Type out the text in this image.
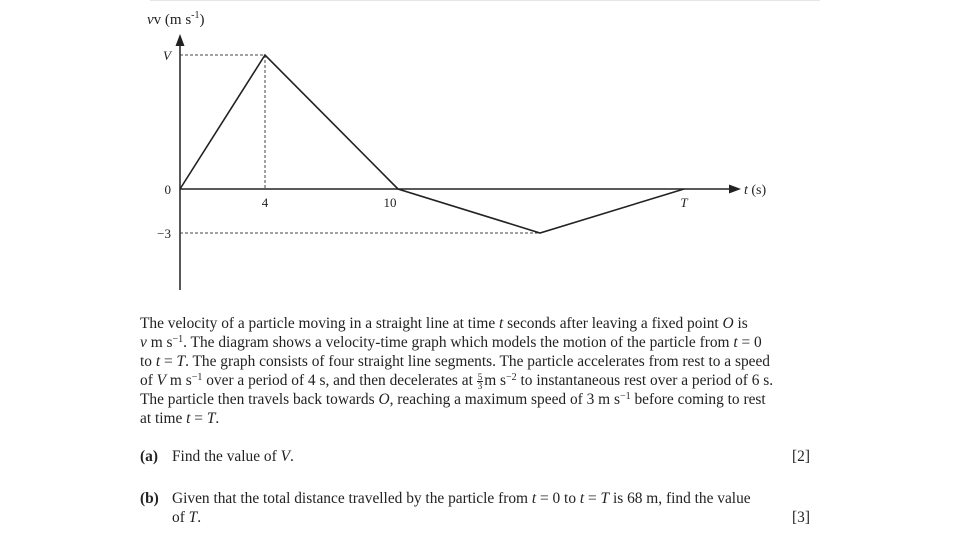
vv (m $s^{-1}$)
V
0
−3
4	10	T
t (s)
The velocity of a particle moving in a straight line at time t seconds after leaving a fixed point O is
v m $s^{-1}$. The diagram shows a velocity-time graph which models the motion of the particle from t = 0
to t = T. The graph consists of four straight line segments. The particle accelerates from rest to a speed
of V m $s^{-1}$ over a period of 4 s, and then decelerates at $\frac{5}{3}$ m $s^{-2}$ to instantaneous rest over a period of 6 s.
The particle then travels back towards O, reaching a maximum speed of 3 m $s^{-1}$ before coming to rest
at time t = T.
(a) Find the value of V.	[2]
(b) Given that the total distance travelled by the particle from t = 0 to t = T is 68 m, find the value
of T.	[3]
